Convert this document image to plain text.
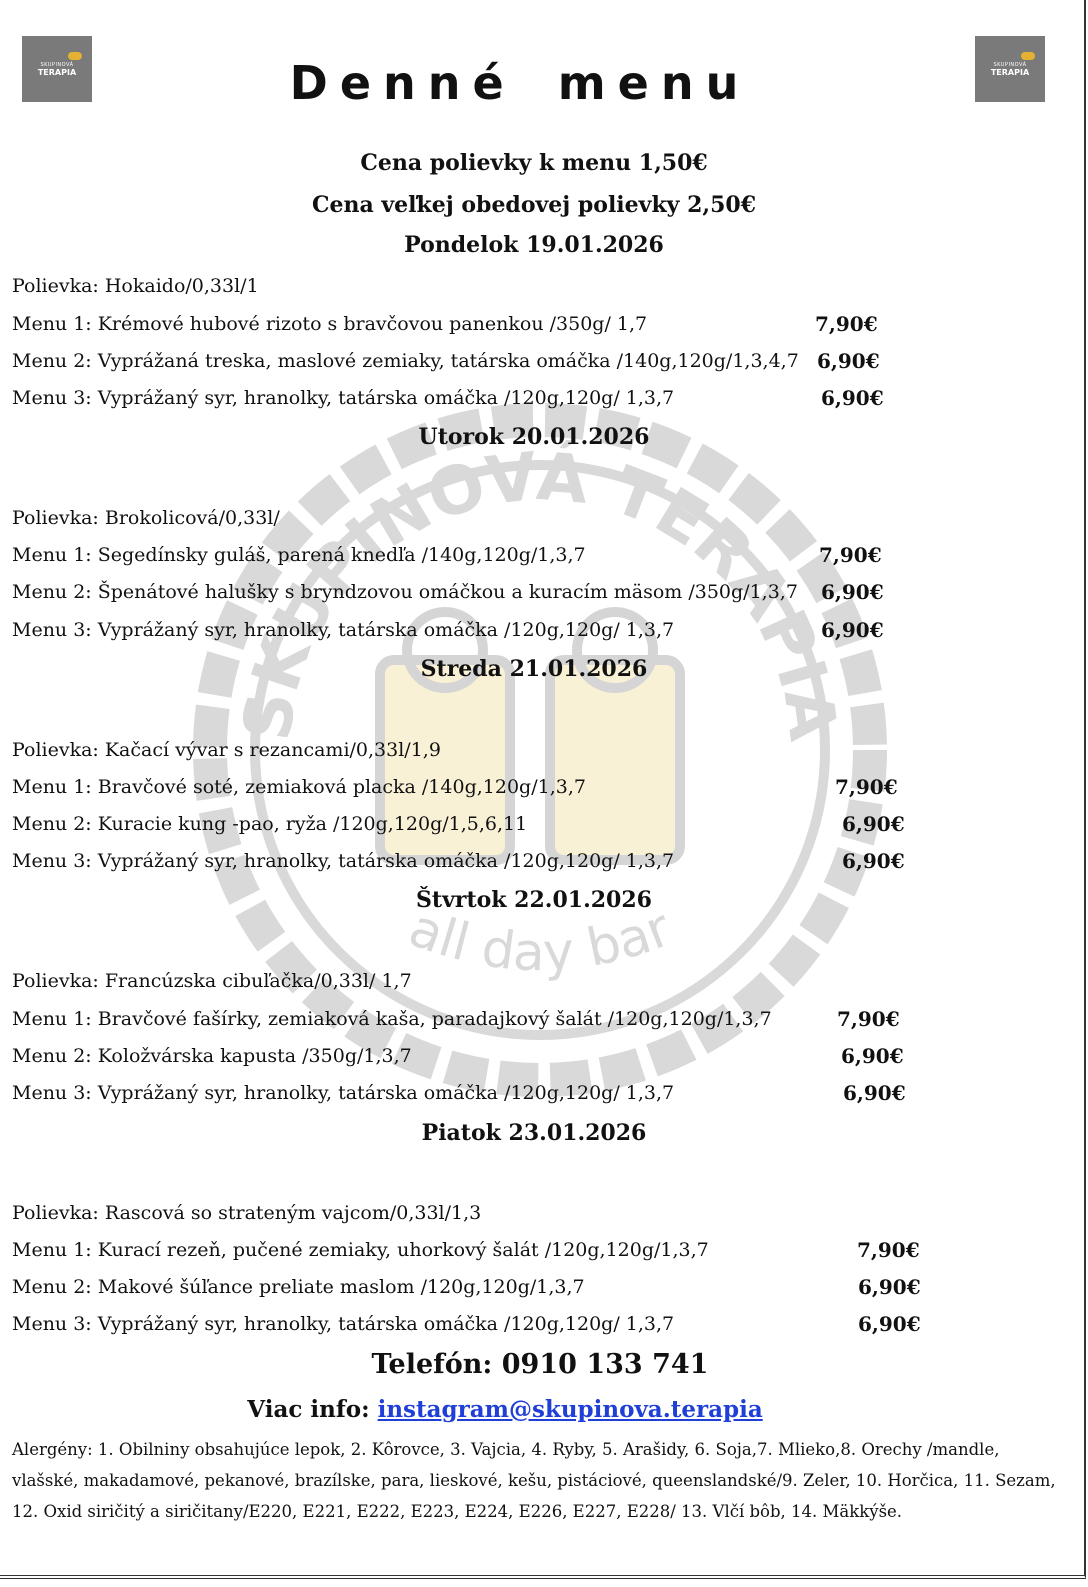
SKUPINOVÁ TERAPIA
all day bar
SKUPINOVÁ
TERAPIA
SKUPINOVÁ
TERAPIA
Denné menu
Cena polievky k menu 1,50€
Cena veľkej obedovej polievky 2,50€
Pondelok 19.01.2026
Polievka: Hokaido/0,33l/1
Menu 1: Krémové hubové rizoto s bravčovou panenkou /350g/ 1,7	7,90€
Menu 2: Vyprážaná treska, maslové zemiaky, tatárska omáčka /140g,120g/1,3,4,7 6,90€
Menu 3: Vyprážaný syr, hranolky, tatárska omáčka /120g,120g/ 1,3,7	6,90€
Utorok 20.01.2026
Polievka: Brokolicová/0,33l/
Menu 1: Segedínsky guláš, parená knedľa /140g,120g/1,3,7	7,90€
Menu 2: Špenátové halušky s bryndzovou omáčkou a kuracím mäsom /350g/1,3,7 6,90€
Menu 3: Vyprážaný syr, hranolky, tatárska omáčka /120g,120g/ 1,3,7	6,90€
Streda 21.01.2026
Polievka: Kačací vývar s rezancami/0,33l/1,9
Menu 1: Bravčové soté, zemiaková placka /140g,120g/1,3,7	7,90€
Menu 2: Kuracie kung -pao, ryža /120g,120g/1,5,6,11	6,90€
Menu 3: Vyprážaný syr, hranolky, tatárska omáčka /120g,120g/ 1,3,7	6,90€
Štvrtok 22.01.2026
Polievka: Francúzska cibuľačka/0,33l/ 1,7
Menu 1: Bravčové fašírky, zemiaková kaša, paradajkový šalát /120g,120g/1,3,7	7,90€
Menu 2: Koložvárska kapusta /350g/1,3,7	6,90€
Menu 3: Vyprážaný syr, hranolky, tatárska omáčka /120g,120g/ 1,3,7	6,90€
Piatok 23.01.2026
Polievka: Rascová so strateným vajcom/0,33l/1,3
Menu 1: Kurací rezeň, pučené zemiaky, uhorkový šalát /120g,120g/1,3,7	7,90€
Menu 2: Makové šúľance preliate maslom /120g,120g/1,3,7	6,90€
Menu 3: Vyprážaný syr, hranolky, tatárska omáčka /120g,120g/ 1,3,7	6,90€
Telefón: 0910 133 741
Viac info: instagram@skupinova.terapia
Alergény: 1. Obilniny obsahujúce lepok, 2. Kôrovce, 3. Vajcia, 4. Ryby, 5. Arašidy, 6. Soja,7. Mlieko,8. Orechy /mandle, vlašské, makadamové, pekanové, brazílske, para, lieskové, kešu, pistáciové, queenslandské/9. Zeler, 10. Horčica, 11. Sezam, 12. Oxid siričitý a siričitany/E220, E221, E222, E223, E224, E226, E227, E228/ 13. Vlčí bôb, 14. Mäkkýše.
